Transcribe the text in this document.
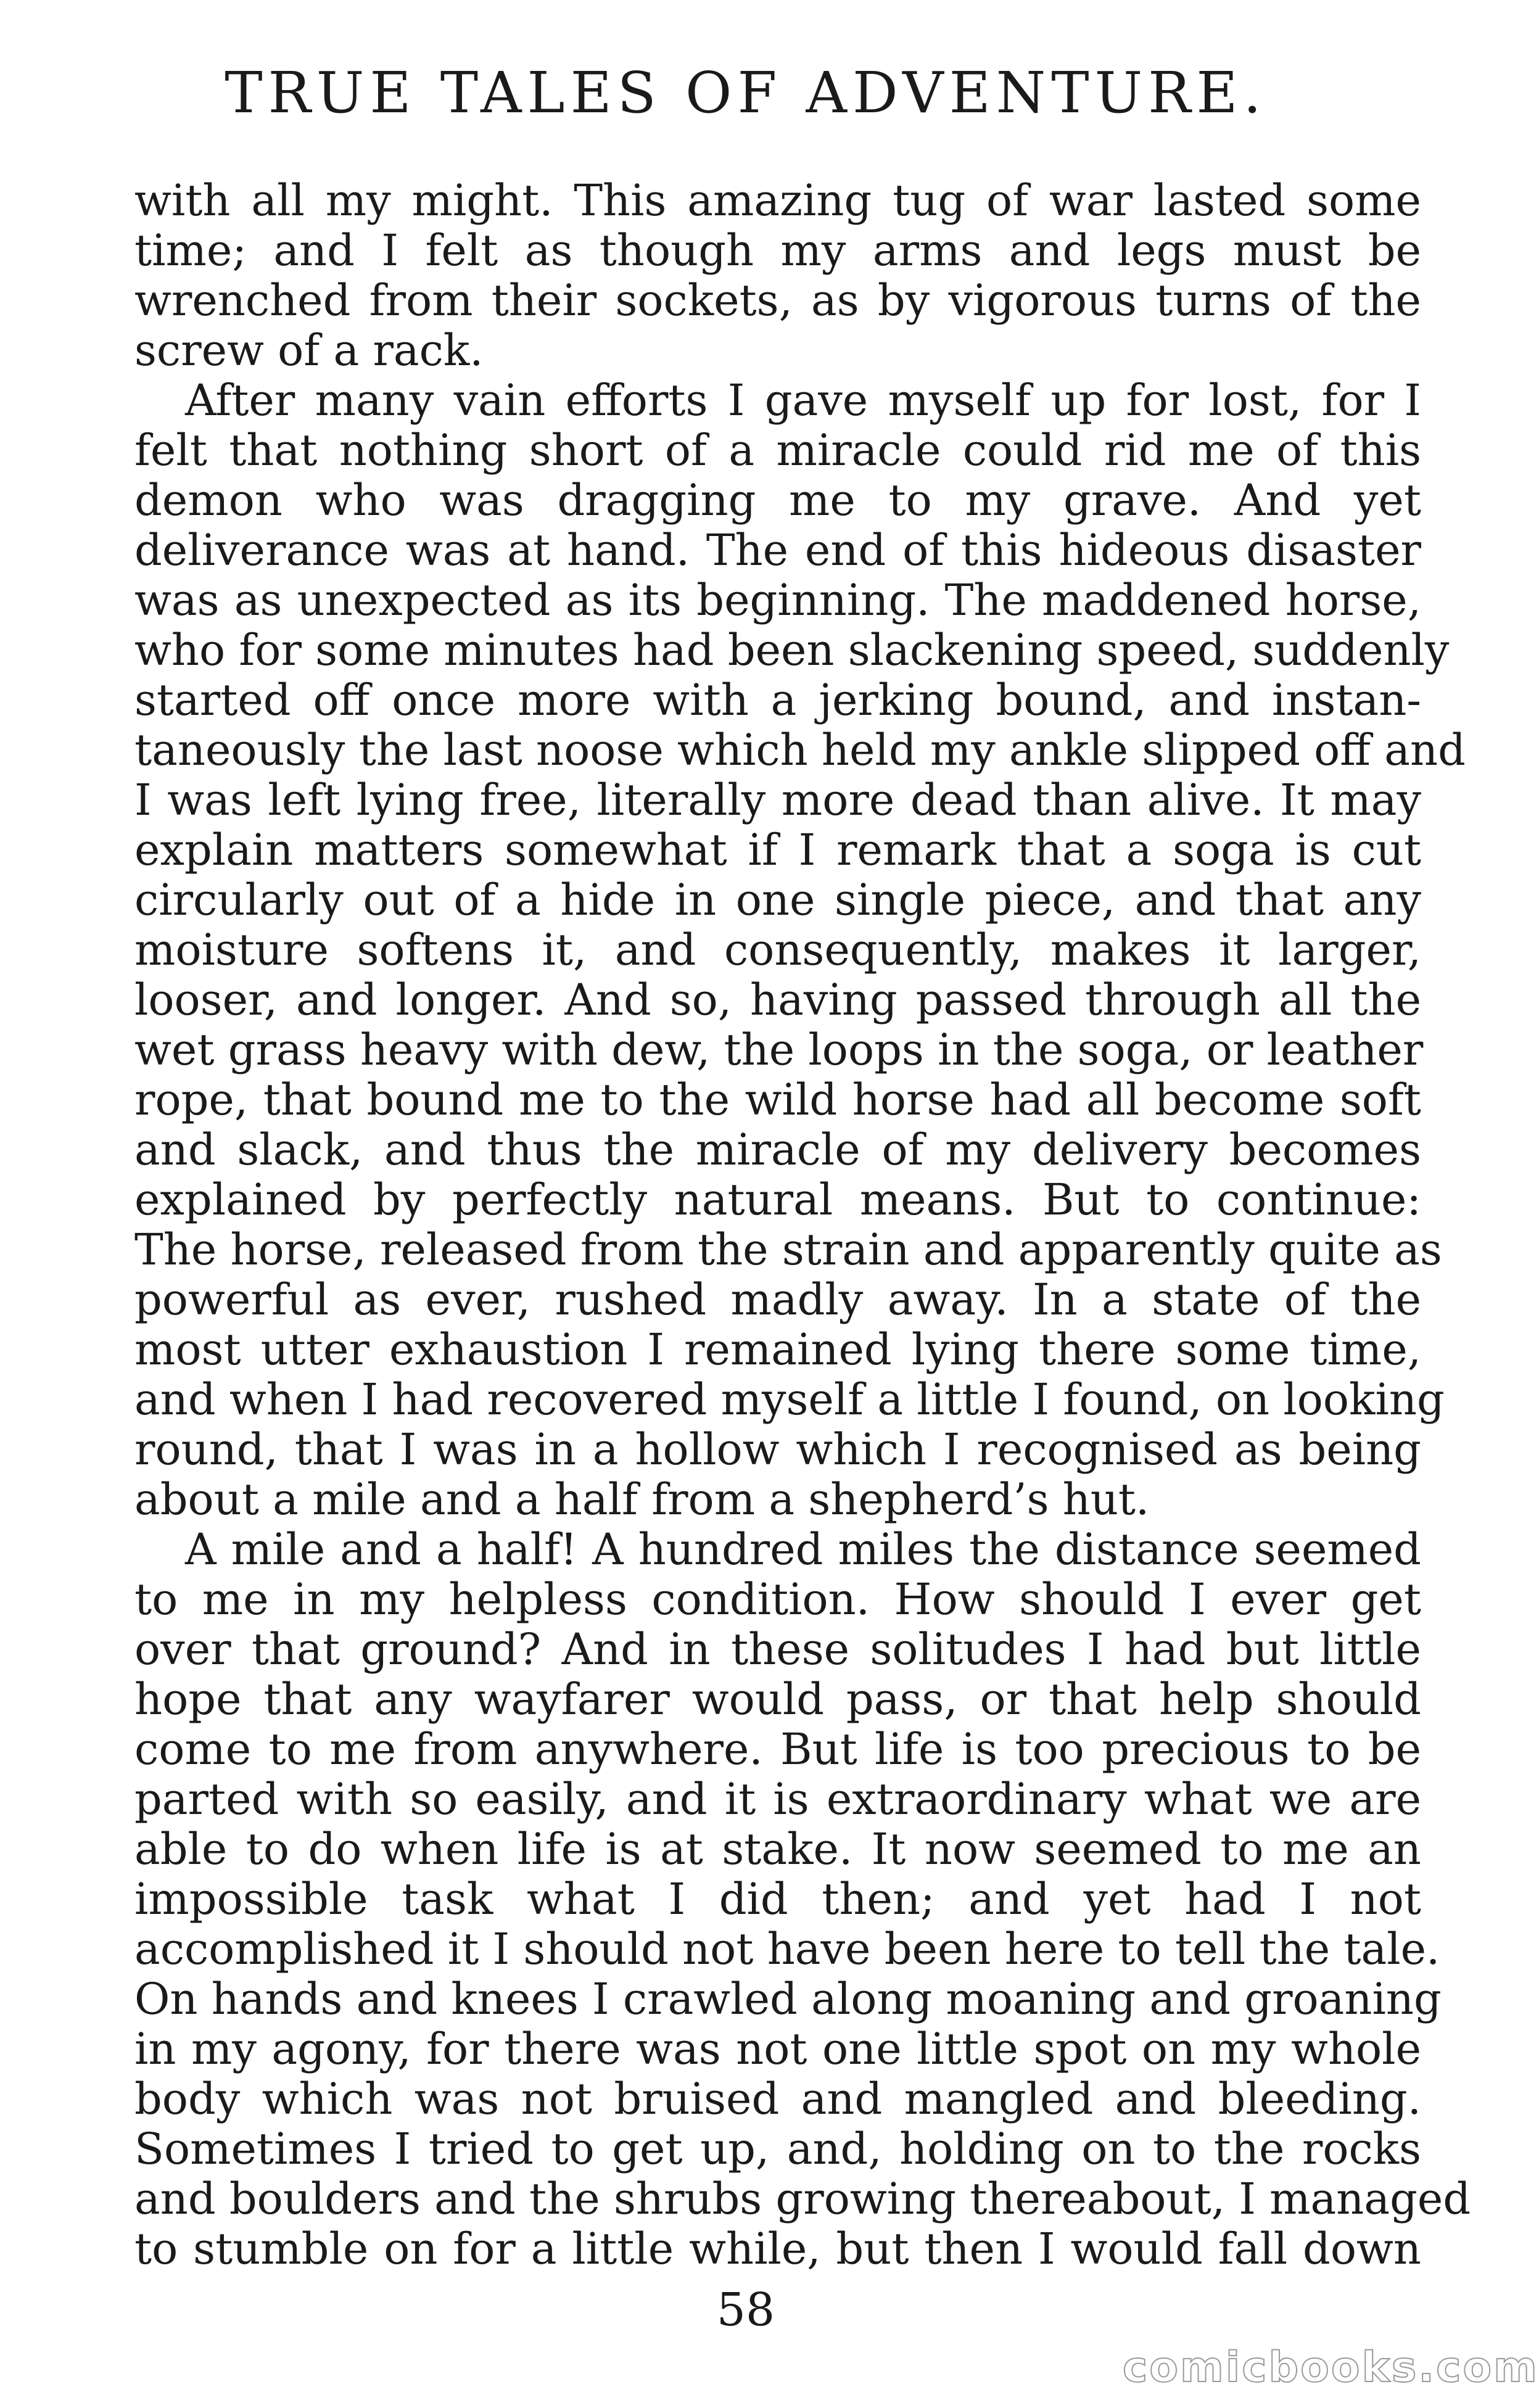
TRUE TALES OF ADVENTURE.
with all my might. This amazing tug of war lasted some
time; and I felt as though my arms and legs must be
wrenched from their sockets, as by vigorous turns of the
screw of a rack.
After many vain efforts I gave myself up for lost, for I
felt that nothing short of a miracle could rid me of this
demon who was dragging me to my grave. And yet
deliverance was at hand. The end of this hideous disaster
was as unexpected as its beginning. The maddened horse,
who for some minutes had been slackening speed, suddenly
started off once more with a jerking bound, and instan-
taneously the last noose which held my ankle slipped off and
I was left lying free, literally more dead than alive. It may
explain matters somewhat if I remark that a soga is cut
circularly out of a hide in one single piece, and that any
moisture softens it, and consequently, makes it larger,
looser, and longer. And so, having passed through all the
wet grass heavy with dew, the loops in the soga, or leather
rope, that bound me to the wild horse had all become soft
and slack, and thus the miracle of my delivery becomes
explained by perfectly natural means. But to continue:
The horse, released from the strain and apparently quite as
powerful as ever, rushed madly away. In a state of the
most utter exhaustion I remained lying there some time,
and when I had recovered myself a little I found, on looking
round, that I was in a hollow which I recognised as being
about a mile and a half from a shepherd’s hut.
A mile and a half! A hundred miles the distance seemed
to me in my helpless condition. How should I ever get
over that ground? And in these solitudes I had but little
hope that any wayfarer would pass, or that help should
come to me from anywhere. But life is too precious to be
parted with so easily, and it is extraordinary what we are
able to do when life is at stake. It now seemed to me an
impossible task what I did then; and yet had I not
accomplished it I should not have been here to tell the tale.
On hands and knees I crawled along moaning and groaning
in my agony, for there was not one little spot on my whole
body which was not bruised and mangled and bleeding.
Sometimes I tried to get up, and, holding on to the rocks
and boulders and the shrubs growing thereabout, I managed
to stumble on for a little while, but then I would fall down
58
comicbooks.com
